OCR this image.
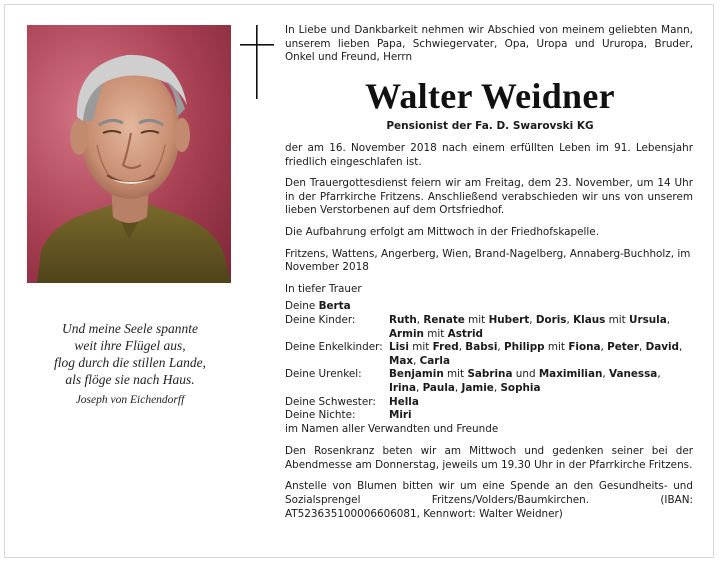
Und meine Seele spannte
weit ihre Flügel aus,
flog durch die stillen Lande,
als flöge sie nach Haus.
Joseph von Eichendorff
In Liebe und Dankbarkeit nehmen wir Abschied von meinem geliebten Mann, unserem lieben Papa, Schwiegervater, Opa, Uropa und Ururopa, Bruder, Onkel und Freund, Herrn
Walter Weidner
Pensionist der Fa. D. Swarovski KG

der am 16. November 2018 nach einem erfüllten Leben im 91. Lebensjahr friedlich eingeschlafen ist.

Den Trauergottesdienst feiern wir am Freitag, dem 23. November, um 14 Uhr in der Pfarrkirche Fritzens. Anschließend verabschieden wir uns von unserem lieben Verstorbenen auf dem Ortsfriedhof.

Die Aufbahrung erfolgt am Mittwoch in der Friedhofskapelle.

Fritzens, Wattens, Angerberg, Wien, Brand-Nagelberg, Annaberg-Buchholz, im November 2018

In tiefer Trauer
Deine Berta	
Deine Kinder:	Ruth, Renate mit Hubert, Doris, Klaus mit Ursula, Armin mit Astrid
Deine Enkelkinder:	Lisi mit Fred, Babsi, Philipp mit Fiona, Peter, David, Max, Carla
Deine Urenkel:	Benjamin mit Sabrina und Maximilian, Vanessa, Irina, Paula, Jamie, Sophia
Deine Schwester:	Hella
Deine Nichte:	Miri
im Namen aller Verwandten und Freunde

Den Rosenkranz beten wir am Mittwoch und gedenken seiner bei der Abendmesse am Donnerstag, jeweils um 19.30 Uhr in der Pfarrkirche Fritzens.

Anstelle von Blumen bitten wir um eine Spende an den Gesundheits- und Sozialsprengel Fritzens/Volders/Baumkirchen. (IBAN: AT523635100006606081, Kennwort: Walter Weidner)
